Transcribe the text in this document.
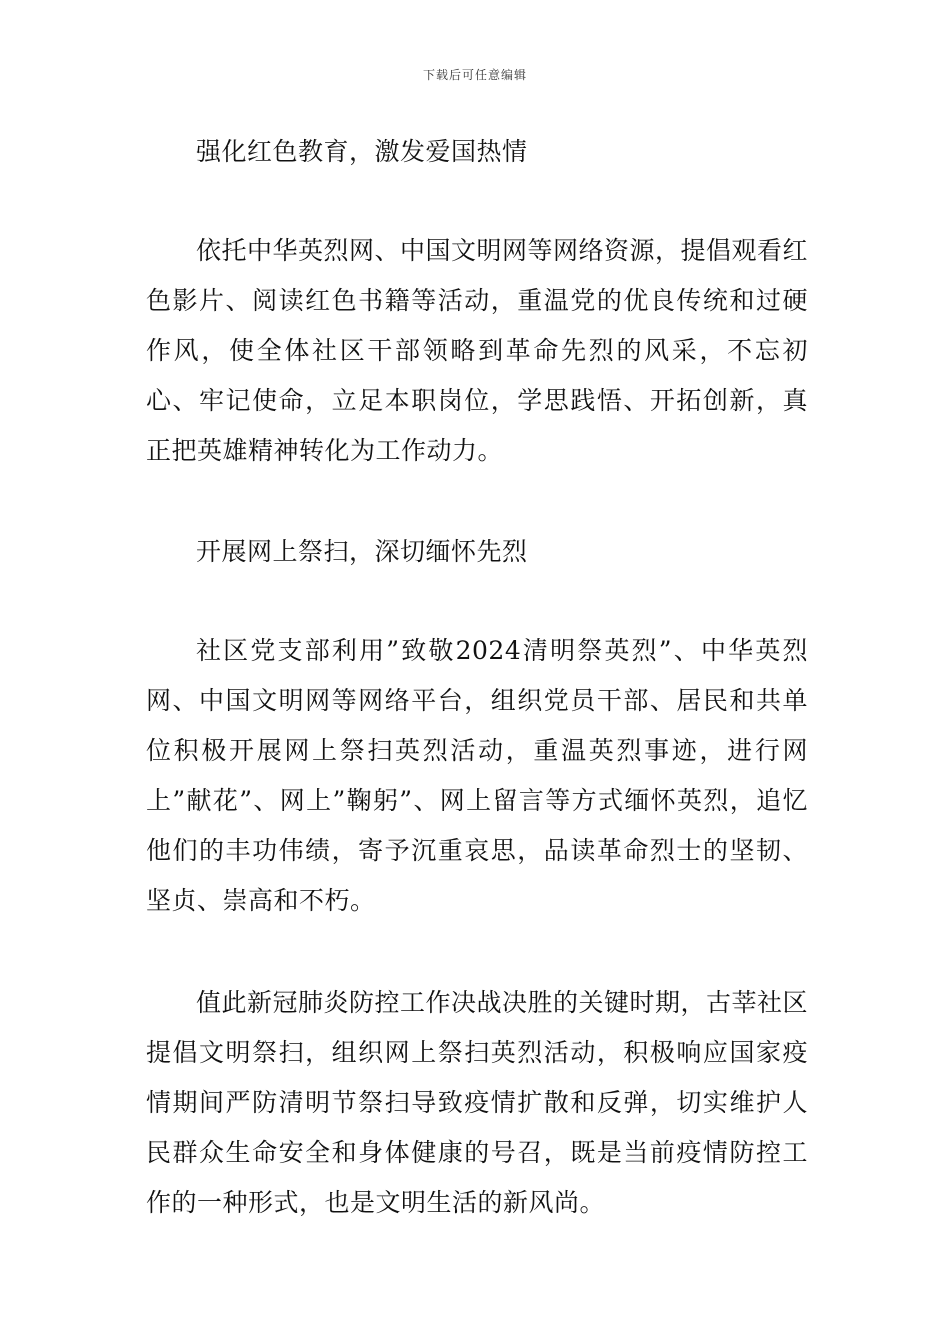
下载后可任意编辑

强化红色教育，激发爱国热情

依托中华英烈网、中国文明网等网络资源，提倡观看红色影片、阅读红色书籍等活动，重温党的优良传统和过硬作风，使全体社区干部领略到革命先烈的风采，不忘初心、牢记使命，立足本职岗位，学思践悟、开拓创新，真正把英雄精神转化为工作动力。

开展网上祭扫，深切缅怀先烈

社区党支部利用”致敬2024清明祭英烈”、中华英烈网、中国文明网等网络平台，组织党员干部、居民和共单位积极开展网上祭扫英烈活动，重温英烈事迹，进行网上”献花”、网上”鞠躬”、网上留言等方式缅怀英烈，追忆他们的丰功伟绩，寄予沉重哀思，品读革命烈士的坚韧、坚贞、崇高和不朽。

值此新冠肺炎防控工作决战决胜的关键时期，古莘社区提倡文明祭扫，组织网上祭扫英烈活动，积极响应国家疫情期间严防清明节祭扫导致疫情扩散和反弹，切实维护人民群众生命安全和身体健康的号召，既是当前疫情防控工作的一种形式，也是文明生活的新风尚。
